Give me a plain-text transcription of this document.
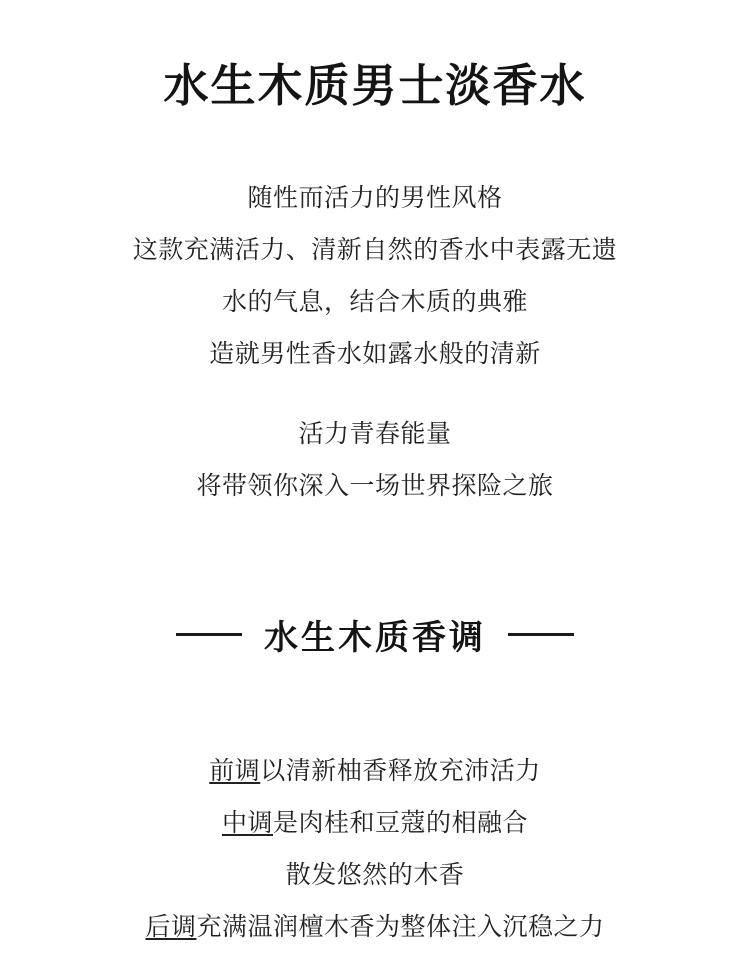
水生木质男士淡香水
随性而活力的男性风格
这款充满活力、清新自然的香水中表露无遗
水的气息，结合木质的典雅
造就男性香水如露水般的清新
活力青春能量
将带领你深入一场世界探险之旅
水生木质香调
前调以清新柚香释放充沛活力
中调是肉桂和豆蔻的相融合
散发悠然的木香
后调充满温润檀木香为整体注入沉稳之力
